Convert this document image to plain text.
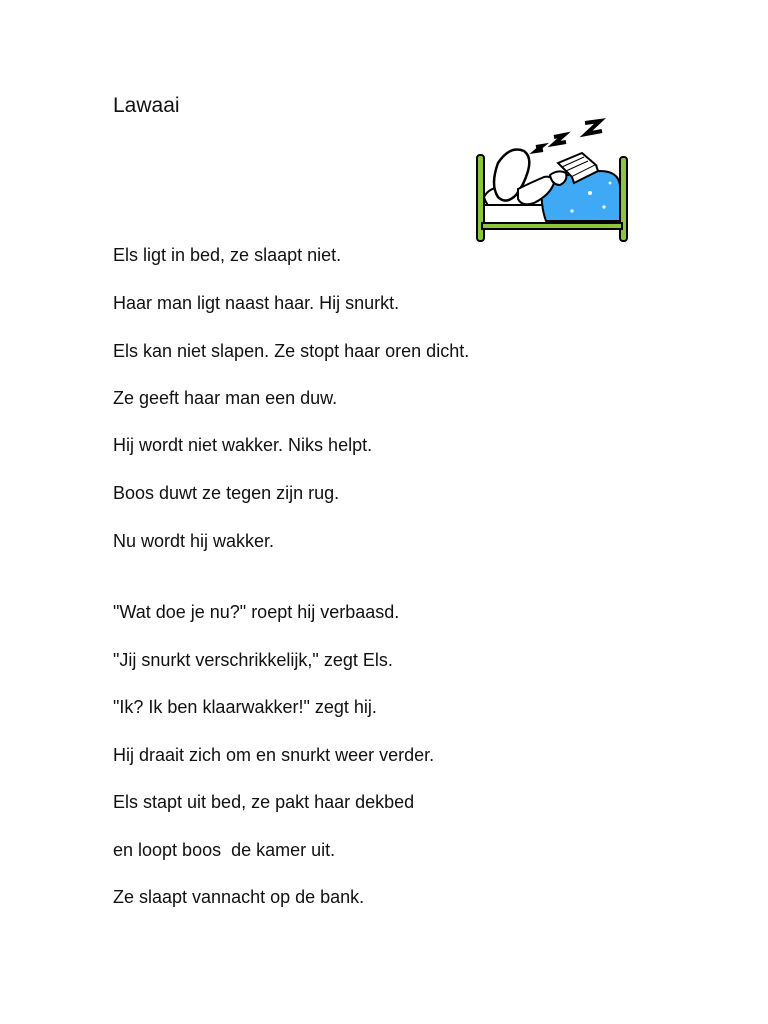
Lawaai

Els ligt in bed, ze slaapt niet.

Haar man ligt naast haar. Hij snurkt.

Els kan niet slapen. Ze stopt haar oren dicht.

Ze geeft haar man een duw.

Hij wordt niet wakker. Niks helpt.

Boos duwt ze tegen zijn rug.

Nu wordt hij wakker.

"Wat doe je nu?" roept hij verbaasd.

"Jij snurkt verschrikkelijk," zegt Els.

"Ik? Ik ben klaarwakker!" zegt hij.

Hij draait zich om en snurkt weer verder.

Els stapt uit bed, ze pakt haar dekbed

en loopt boos  de kamer uit.

Ze slaapt vannacht op de bank.
